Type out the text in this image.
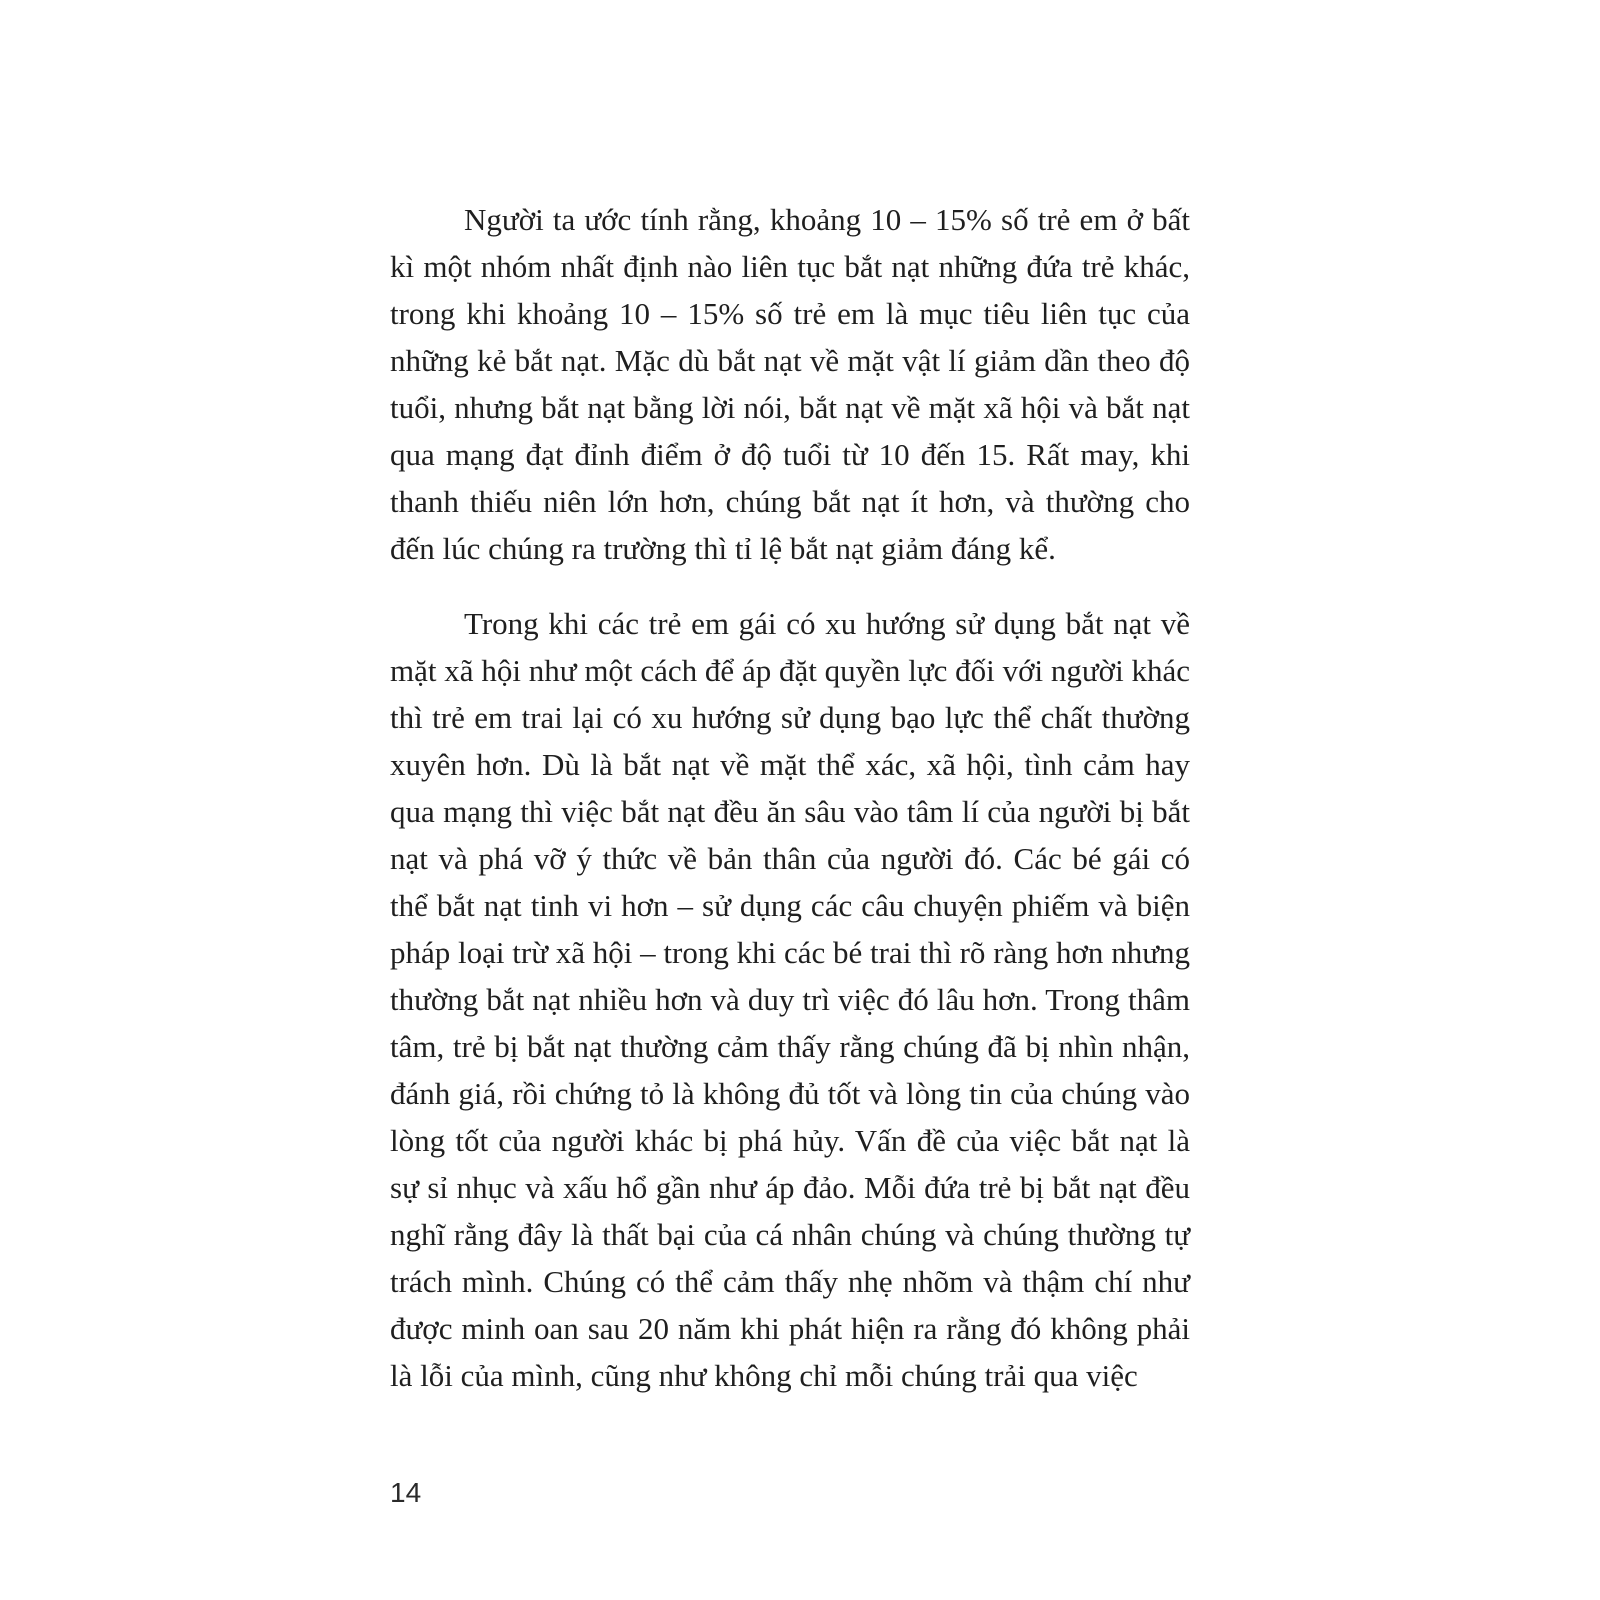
Người ta ước tính rằng, khoảng 10 – 15% số trẻ em ở bất kì một nhóm nhất định nào liên tục bắt nạt những đứa trẻ khác, trong khi khoảng 10 – 15% số trẻ em là mục tiêu liên tục của những kẻ bắt nạt. Mặc dù bắt nạt về mặt vật lí giảm dần theo độ tuổi, nhưng bắt nạt bằng lời nói, bắt nạt về mặt xã hội và bắt nạt qua mạng đạt đỉnh điểm ở độ tuổi từ 10 đến 15. Rất may, khi thanh thiếu niên lớn hơn, chúng bắt nạt ít hơn, và thường cho đến lúc chúng ra trường thì tỉ lệ bắt nạt giảm đáng kể.

Trong khi các trẻ em gái có xu hướng sử dụng bắt nạt về mặt xã hội như một cách để áp đặt quyền lực đối với người khác thì trẻ em trai lại có xu hướng sử dụng bạo lực thể chất thường xuyên hơn. Dù là bắt nạt về mặt thể xác, xã hội, tình cảm hay qua mạng thì việc bắt nạt đều ăn sâu vào tâm lí của người bị bắt nạt và phá vỡ ý thức về bản thân của người đó. Các bé gái có thể bắt nạt tinh vi hơn – sử dụng các câu chuyện phiếm và biện pháp loại trừ xã hội – trong khi các bé trai thì rõ ràng hơn nhưng thường bắt nạt nhiều hơn và duy trì việc đó lâu hơn. Trong thâm tâm, trẻ bị bắt nạt thường cảm thấy rằng chúng đã bị nhìn nhận, đánh giá, rồi chứng tỏ là không đủ tốt và lòng tin của chúng vào lòng tốt của người khác bị phá hủy. Vấn đề của việc bắt nạt là sự sỉ nhục và xấu hổ gần như áp đảo. Mỗi đứa trẻ bị bắt nạt đều nghĩ rằng đây là thất bại của cá nhân chúng và chúng thường tự trách mình. Chúng có thể cảm thấy nhẹ nhõm và thậm chí như được minh oan sau 20 năm khi phát hiện ra rằng đó không phải là lỗi của mình, cũng như không chỉ mỗi chúng trải qua việc

14
